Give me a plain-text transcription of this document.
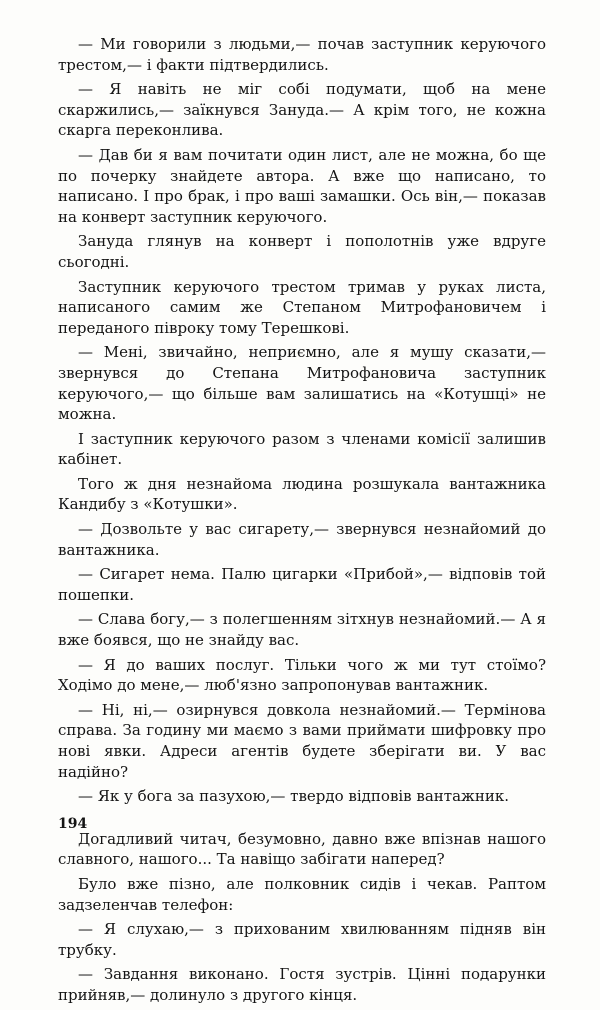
— Ми говорили з людьми,— почав заступник керуючого трестом,— і факти підтвердились.

— Я навіть не міг собі подумати, щоб на мене скаржились,— заїкнувся Зануда.— А крім того, не кожна скарга переконлива.

— Дав би я вам почитати один лист, але не можна, бо ще по почерку знайдете автора. А вже що написано, то написано. І про брак, і про ваші замашки. Ось він,— показав на конверт заступник керуючого.

Зануда глянув на конверт і пополотнів уже вдруге сьогодні.

Заступник керуючого трестом тримав у руках листа, написаного самим же Степаном Митрофановичем і переданого півроку тому Терешкові.

— Мені, звичайно, неприємно, але я мушу сказати,— звернувся до Степана Митрофановича заступник керуючого,— що більше вам залишатись на «Котушці» не можна.

І заступник керуючого разом з членами комісії залишив кабінет.

Того ж дня незнайома людина розшукала вантажника Кандибу з «Котушки».

— Дозвольте у вас сигарету,— звернувся незнайомий до вантажника.

— Сигарет нема. Палю цигарки «Прибой»,— відповів той пошепки.

— Слава богу,— з полегшенням зітхнув незнайомий.— А я вже боявся, що не знайду вас.

— Я до ваших послуг. Тільки чого ж ми тут стоїмо? Ходімо до мене,— люб'язно запропонував вантажник.

— Ні, ні,— озирнувся довкола незнайомий.— Термінова справа. За годину ми маємо з вами приймати шифровку про нові явки. Адреси агентів будете зберігати ви. У вас надійно?

— Як у бога за пазухою,— твердо відповів вантажник.

Догадливий читач, безумовно, давно вже впізнав нашого славного, нашого... Та навіщо забігати наперед?

Було вже пізно, але полковник сидів і чекав. Раптом задзеленчав телефон:

— Я слухаю,— з прихованим хвилюванням підняв він трубку.

— Завдання виконано. Гостя зустрів. Цінні подарунки прийняв,— долинуло з другого кінця.

194
